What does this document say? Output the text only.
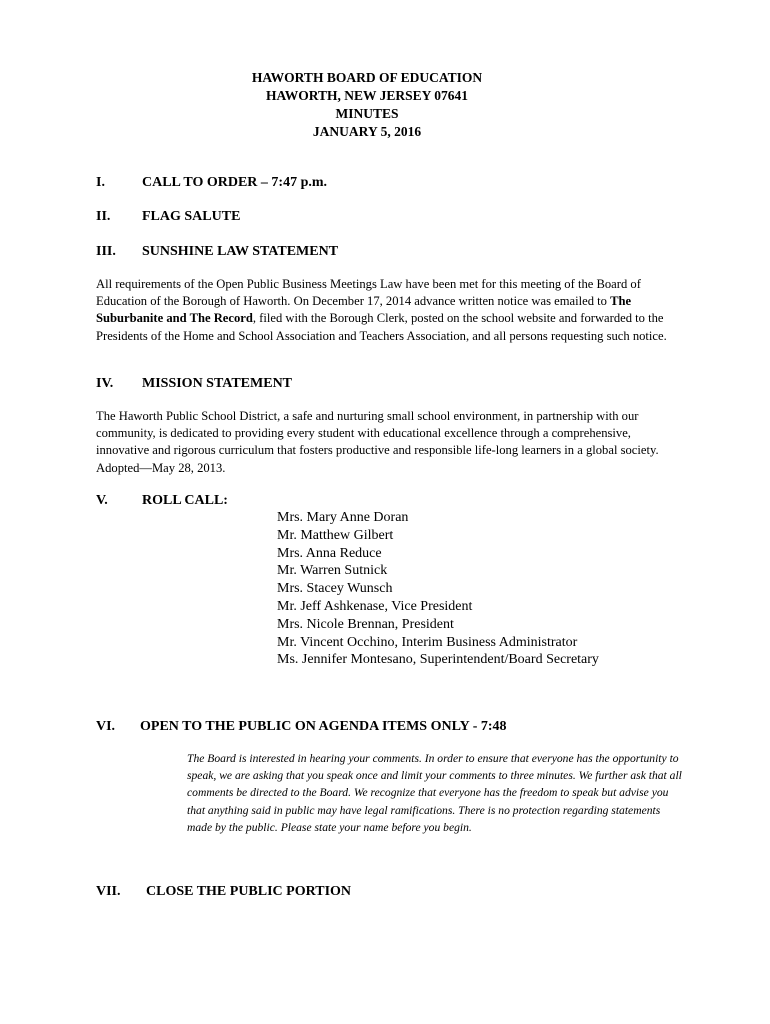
HAWORTH BOARD OF EDUCATION
HAWORTH, NEW JERSEY 07641
MINUTES
JANUARY 5, 2016
I.	CALL TO ORDER – 7:47 p.m.
II. FLAG SALUTE
III. SUNSHINE LAW STATEMENT
All requirements of the Open Public Business Meetings Law have been met for this meeting of the Board of Education of the Borough of Haworth. On December 17, 2014 advance written notice was emailed to The Suburbanite and The Record, filed with the Borough Clerk, posted on the school website and forwarded to the Presidents of the Home and School Association and Teachers Association, and all persons requesting such notice.
IV. MISSION STATEMENT
The Haworth Public School District, a safe and nurturing small school environment, in partnership with our community, is dedicated to providing every student with educational excellence through a comprehensive, innovative and rigorous curriculum that fosters productive and responsible life-long learners in a global society. Adopted—May 28, 2013.
V. ROLL CALL:
Mrs. Mary Anne Doran
Mr. Matthew Gilbert
Mrs. Anna Reduce
Mr. Warren Sutnick
Mrs. Stacey Wunsch
Mr. Jeff Ashkenase, Vice President
Mrs. Nicole Brennan, President
Mr. Vincent Occhino, Interim Business Administrator
Ms. Jennifer Montesano, Superintendent/Board Secretary
VI. OPEN TO THE PUBLIC ON AGENDA ITEMS ONLY - 7:48
The Board is interested in hearing your comments. In order to ensure that everyone has the opportunity to speak, we are asking that you speak once and limit your comments to three minutes. We further ask that all comments be directed to the Board. We recognize that everyone has the freedom to speak but advise you that anything said in public may have legal ramifications. There is no protection regarding statements made by the public. Please state your name before you begin.
VII. CLOSE THE PUBLIC PORTION
